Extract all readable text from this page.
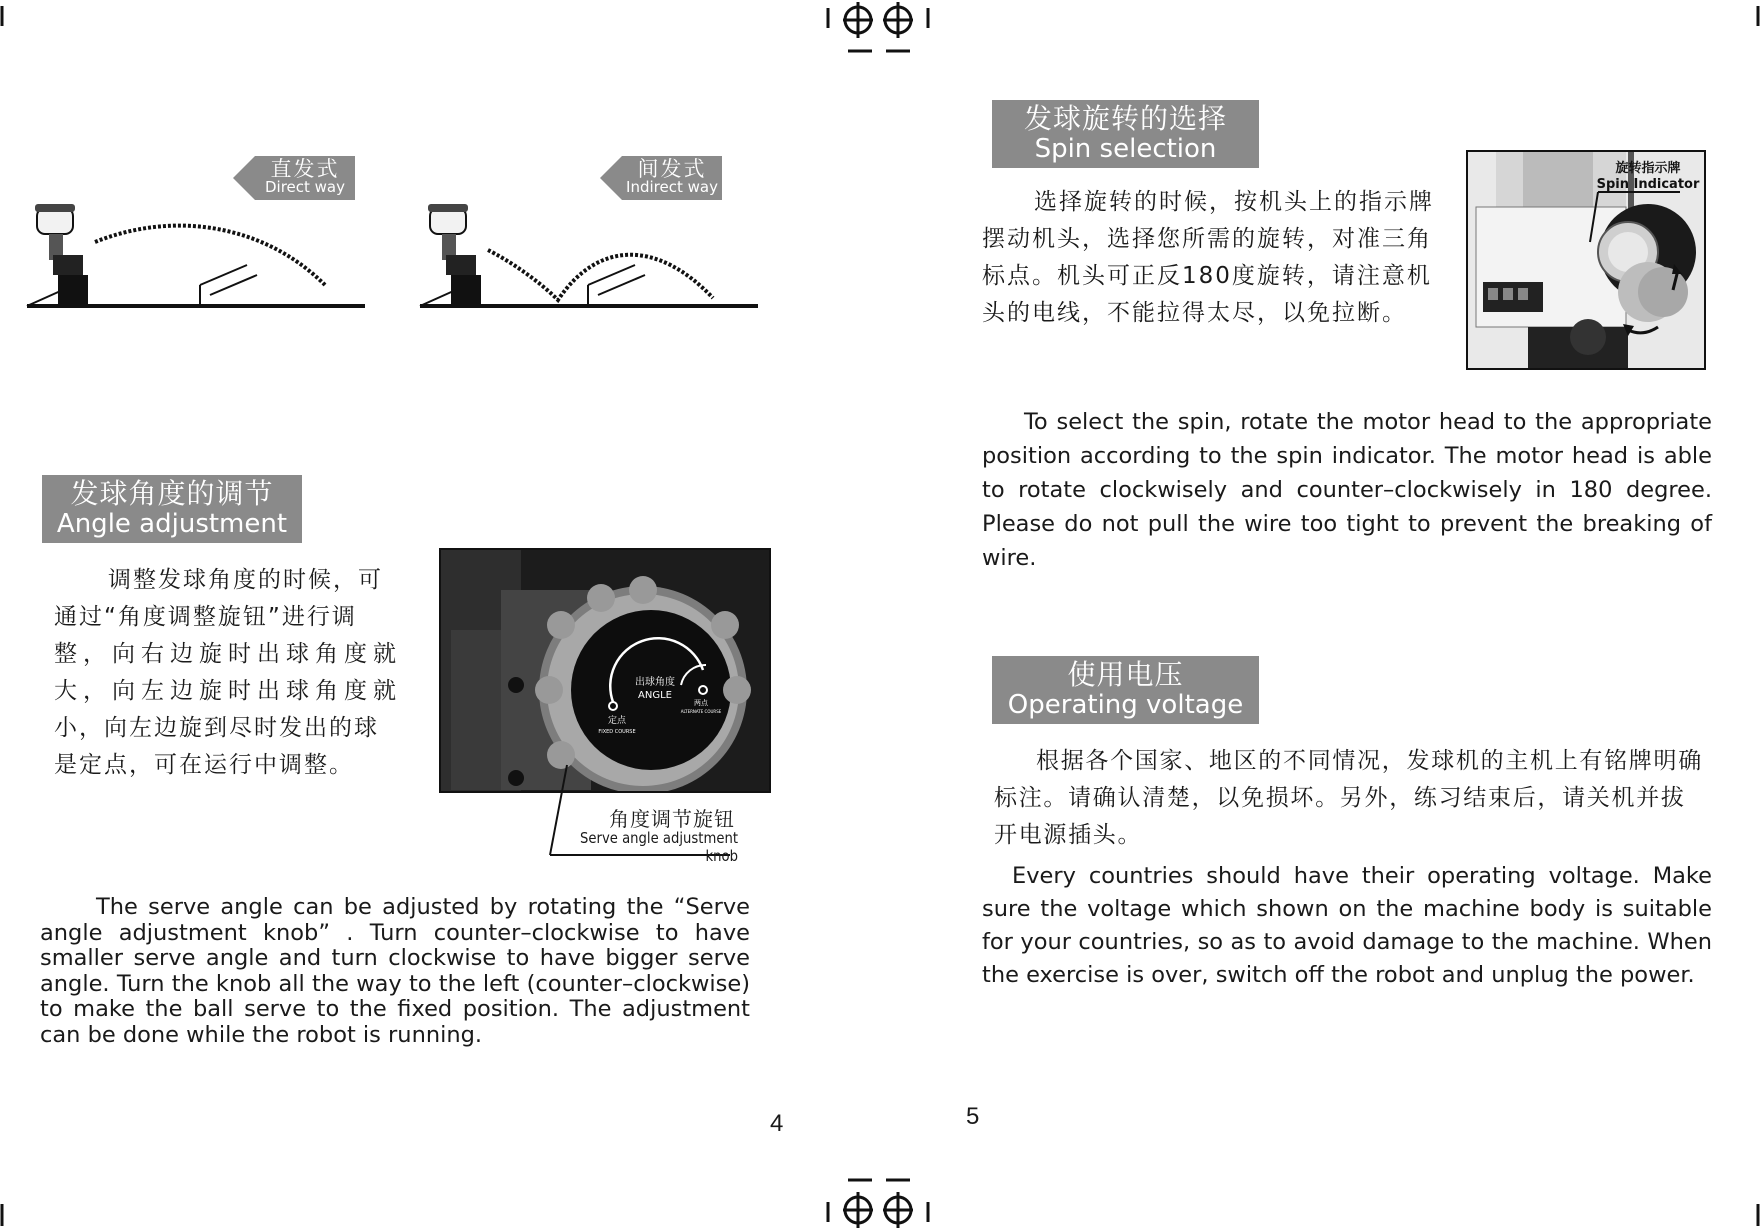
直发式
Direct way
间发式
Indirect way
发球角度的调节
Angle adjustment
调整发球角度的时候，可
通过“角度调整旋钮”进行调
整，向右边旋时出球角度就
大，向左边旋时出球角度就
小，向左边旋到尽时发出的球
是定点，可在运行中调整。
出球角度
ANGLE
定点
FIXED COURSE
两点
ALTERNATE COURSE
角度调节旋钮
Serve angle adjustment knob
The serve angle can be adjusted by rotating the “Serve angle adjustment knob” . Turn counter–clockwise to have smaller serve angle and turn clockwise to have bigger serve angle. Turn the knob all the way to the left (counter–clockwise) to make the ball serve to the fixed position. The adjustment can be done while the robot is running.
4
发球旋转的选择
Spin selection
选择旋转的时候，按机头上的指示牌
摆动机头，选择您所需的旋转，对准三角
标点。机头可正反180度旋转，请注意机
头的电线，不能拉得太尽，以免拉断。
旋转指示牌
Spin Indicator
To select the spin, rotate the motor head to the appropriate position according to the spin indicator. The motor head is able to rotate clockwisely and counter–clockwisely in 180 degree. Please do not pull the wire too tight to prevent the breaking of wire.
使用电压
Operating voltage
根据各个国家、地区的不同情况，发球机的主机上有铭牌明确
标注。请确认清楚，以免损坏。另外，练习结束后，请关机并拔
开电源插头。
Every countries should have their operating voltage. Make sure the voltage which shown on the machine body is suitable for your countries, so as to avoid damage to the machine. When the exercise is over, switch off the robot and unplug the power.
5
